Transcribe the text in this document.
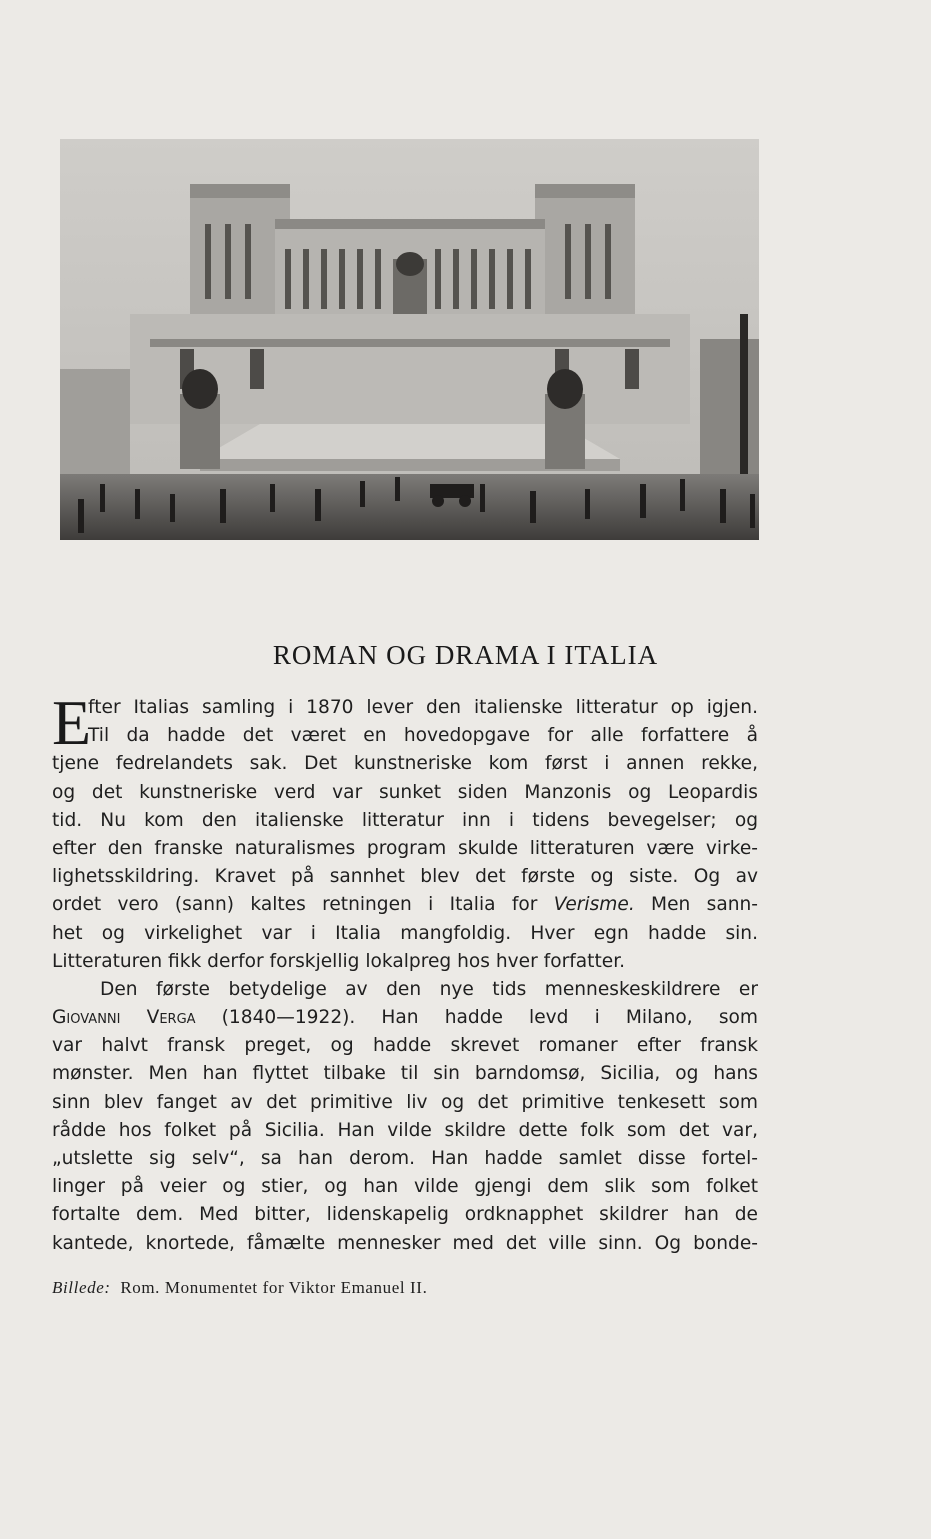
ROMAN OG DRAMA I ITALIA
E
fter Italias samling i 1870 lever den italienske litteratur op igjen.
Til da hadde det været en hovedopgave for alle forfattere å
tjene fedrelandets sak. Det kunstneriske kom først i annen rekke,
og det kunstneriske verd var sunket siden Manzonis og Leopardis
tid. Nu kom den italienske litteratur inn i tidens bevegelser; og
efter den franske naturalismes program skulde litteraturen være virke-
lighetsskildring. Kravet på sannhet blev det første og siste. Og av
ordet vero (sann) kaltes retningen i Italia for Verisme. Men sann-
het og virkelighet var i Italia mangfoldig. Hver egn hadde sin.
Litteraturen fikk derfor forskjellig lokalpreg hos hver forfatter.
Den første betydelige av den nye tids menneskeskildrere er
Giovanni Verga (1840—1922). Han hadde levd i Milano, som
var halvt fransk preget, og hadde skrevet romaner efter fransk
mønster. Men han flyttet tilbake til sin barndomsø, Sicilia, og hans
sinn blev fanget av det primitive liv og det primitive tenkesett som
rådde hos folket på Sicilia. Han vilde skildre dette folk som det var,
„utslette sig selv“, sa han derom. Han hadde samlet disse fortel-
linger på veier og stier, og han vilde gjengi dem slik som folket
fortalte dem. Med bitter, lidenskapelig ordknapphet skildrer han de
kantede, knortede, fåmælte mennesker med det ville sinn. Og bonde-
Billede: Rom. Monumentet for Viktor Emanuel II.
